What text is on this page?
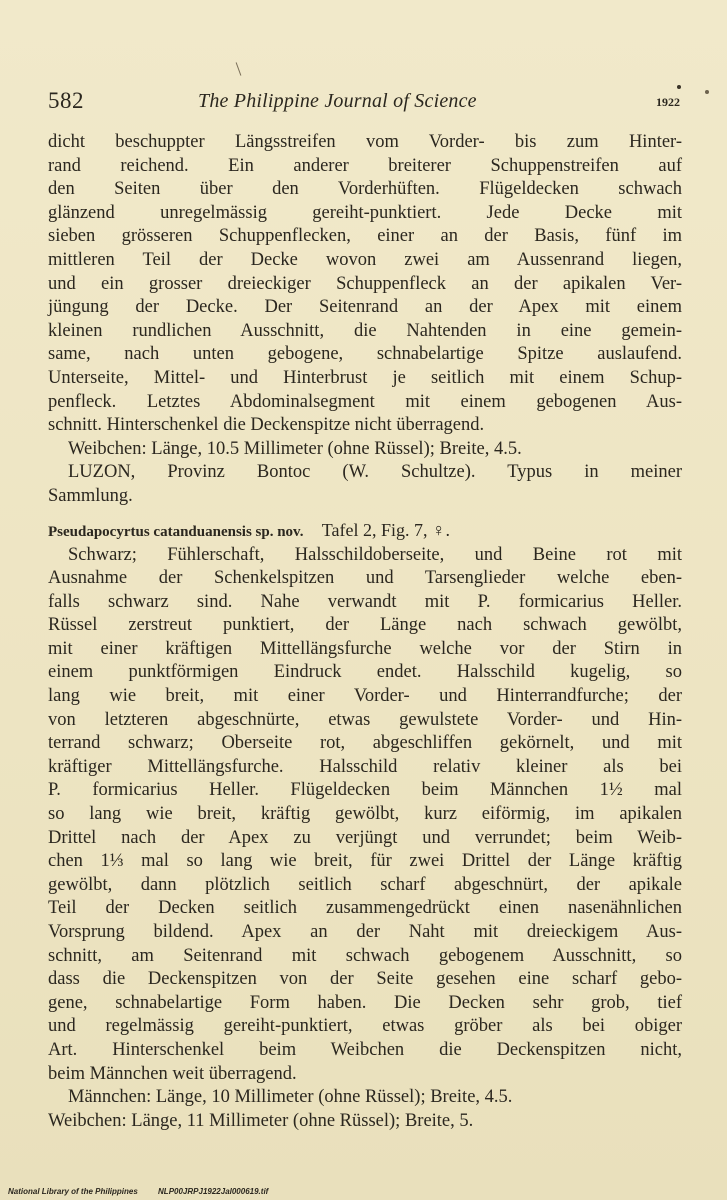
582	The Philippine Journal of Science	1922
dicht beschuppter Längsstreifen vom Vorder- bis zum Hinter-
rand reichend. Ein anderer breiterer Schuppenstreifen auf
den Seiten über den Vorderhüften. Flügeldecken schwach
glänzend unregelmässig gereiht-punktiert. Jede Decke mit
sieben grösseren Schuppenflecken, einer an der Basis, fünf im
mittleren Teil der Decke wovon zwei am Aussenrand liegen,
und ein grosser dreieckiger Schuppenfleck an der apikalen Ver-
jüngung der Decke. Der Seitenrand an der Apex mit einem
kleinen rundlichen Ausschnitt, die Nahtenden in eine gemein-
same, nach unten gebogene, schnabelartige Spitze auslaufend.
Unterseite, Mittel- und Hinterbrust je seitlich mit einem Schup-
penfleck. Letztes Abdominalsegment mit einem gebogenen Aus-
schnitt. Hinterschenkel die Deckenspitze nicht überragend.
Weibchen: Länge, 10.5 Millimeter (ohne Rüssel); Breite, 4.5.
LUZON, Provinz Bontoc (W. Schultze). Typus in meiner
Sammlung.
Pseudapocyrtus catanduanensis sp. nov. Tafel 2, Fig. 7, ♀.
Schwarz; Fühlerschaft, Halsschildoberseite, und Beine rot mit
Ausnahme der Schenkelspitzen und Tarsenglieder welche eben-
falls schwarz sind. Nahe verwandt mit P. formicarius Heller.
Rüssel zerstreut punktiert, der Länge nach schwach gewölbt,
mit einer kräftigen Mittellängsfurche welche vor der Stirn in
einem punktförmigen Eindruck endet. Halsschild kugelig, so
lang wie breit, mit einer Vorder- und Hinterrandfurche; der
von letzteren abgeschnürte, etwas gewulstete Vorder- und Hin-
terrand schwarz; Oberseite rot, abgeschliffen gekörnelt, und mit
kräftiger Mittellängsfurche. Halsschild relativ kleiner als bei
P. formicarius Heller. Flügeldecken beim Männchen 1½ mal
so lang wie breit, kräftig gewölbt, kurz eiförmig, im apikalen
Drittel nach der Apex zu verjüngt und verrundet; beim Weib-
chen 1⅓ mal so lang wie breit, für zwei Drittel der Länge kräftig
gewölbt, dann plötzlich seitlich scharf abgeschnürt, der apikale
Teil der Decken seitlich zusammengedrückt einen nasenähnlichen
Vorsprung bildend. Apex an der Naht mit dreieckigem Aus-
schnitt, am Seitenrand mit schwach gebogenem Ausschnitt, so
dass die Deckenspitzen von der Seite gesehen eine scharf gebo-
gene, schnabelartige Form haben. Die Decken sehr grob, tief
und regelmässig gereiht-punktiert, etwas gröber als bei obiger
Art. Hinterschenkel beim Weibchen die Deckenspitzen nicht,
beim Männchen weit überragend.
Männchen: Länge, 10 Millimeter (ohne Rüssel); Breite, 4.5.
Weibchen: Länge, 11 Millimeter (ohne Rüssel); Breite, 5.
National Library of the Philippines	NLP00JRPJ1922Jal000619.tif
